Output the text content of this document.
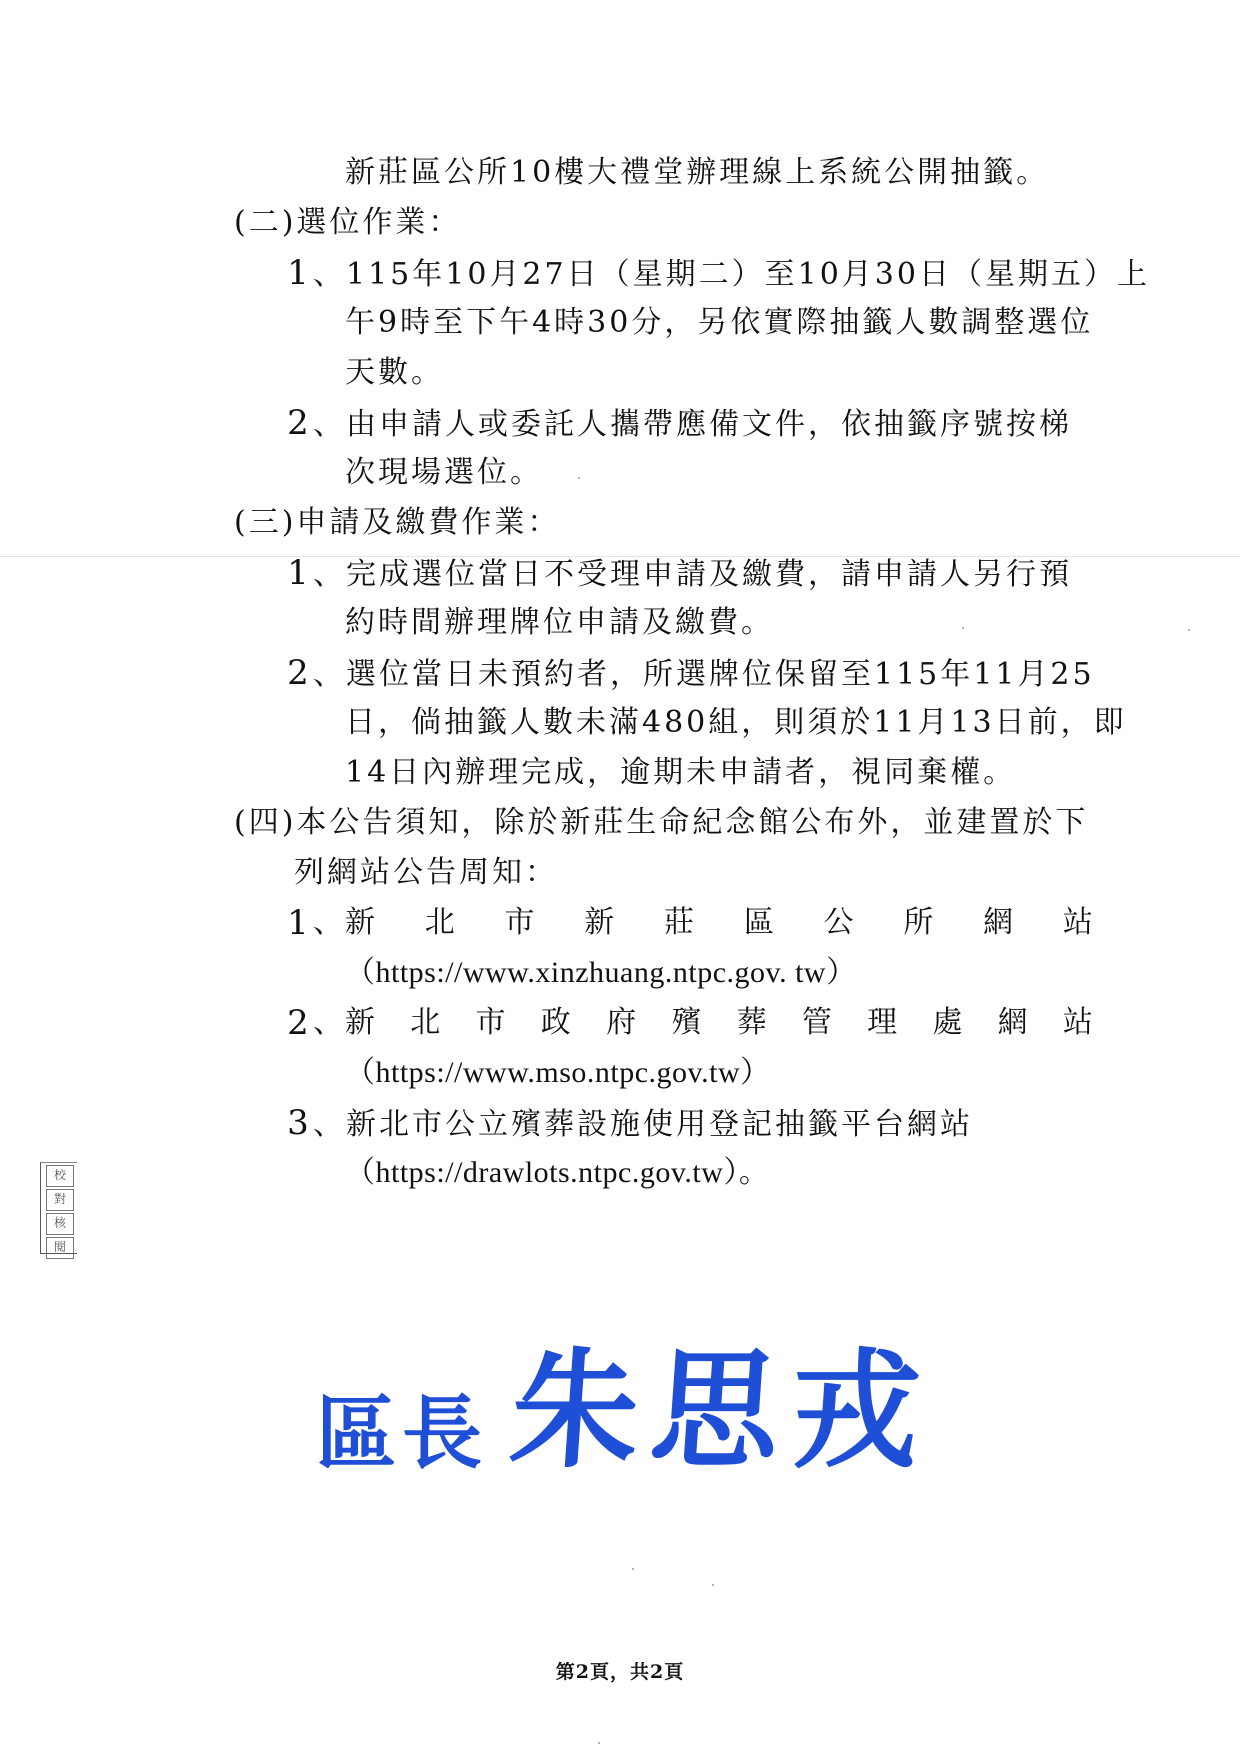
新莊區公所10樓大禮堂辦理線上系統公開抽籤。
(二)選位作業：
1 、115年10月27日（星期二）至10月30日（星期五）上
午9時至下午4時30分，另依實際抽籤人數調整選位
天數。
2 、由申請人或委託人攜帶應備文件，依抽籤序號按梯
次現場選位。
(三)申請及繳費作業：
1 、完成選位當日不受理申請及繳費，請申請人另行預
約時間辦理牌位申請及繳費。
2 、選位當日未預約者，所選牌位保留至115年11月25
日，倘抽籤人數未滿480組，則須於11月13日前，即
14日內辦理完成，逾期未申請者，視同棄權。
(四)本公告須知，除於新莊生命紀念館公布外，並建置於下
列網站公告周知：
1 、 新 北 市 新 莊 區 公 所 網 站
（https://www.xinzhuang.ntpc.gov. tw）
2 、 新 北 市 政 府 殯 葬 管 理 處 網 站
（https://www.mso.ntpc.gov.tw）
3 、新北市公立殯葬設施使用登記抽籤平台網站
（https://drawlots.ntpc.gov.tw）。
校
對
核
閱
區長 朱思戎
第2頁，共2頁
